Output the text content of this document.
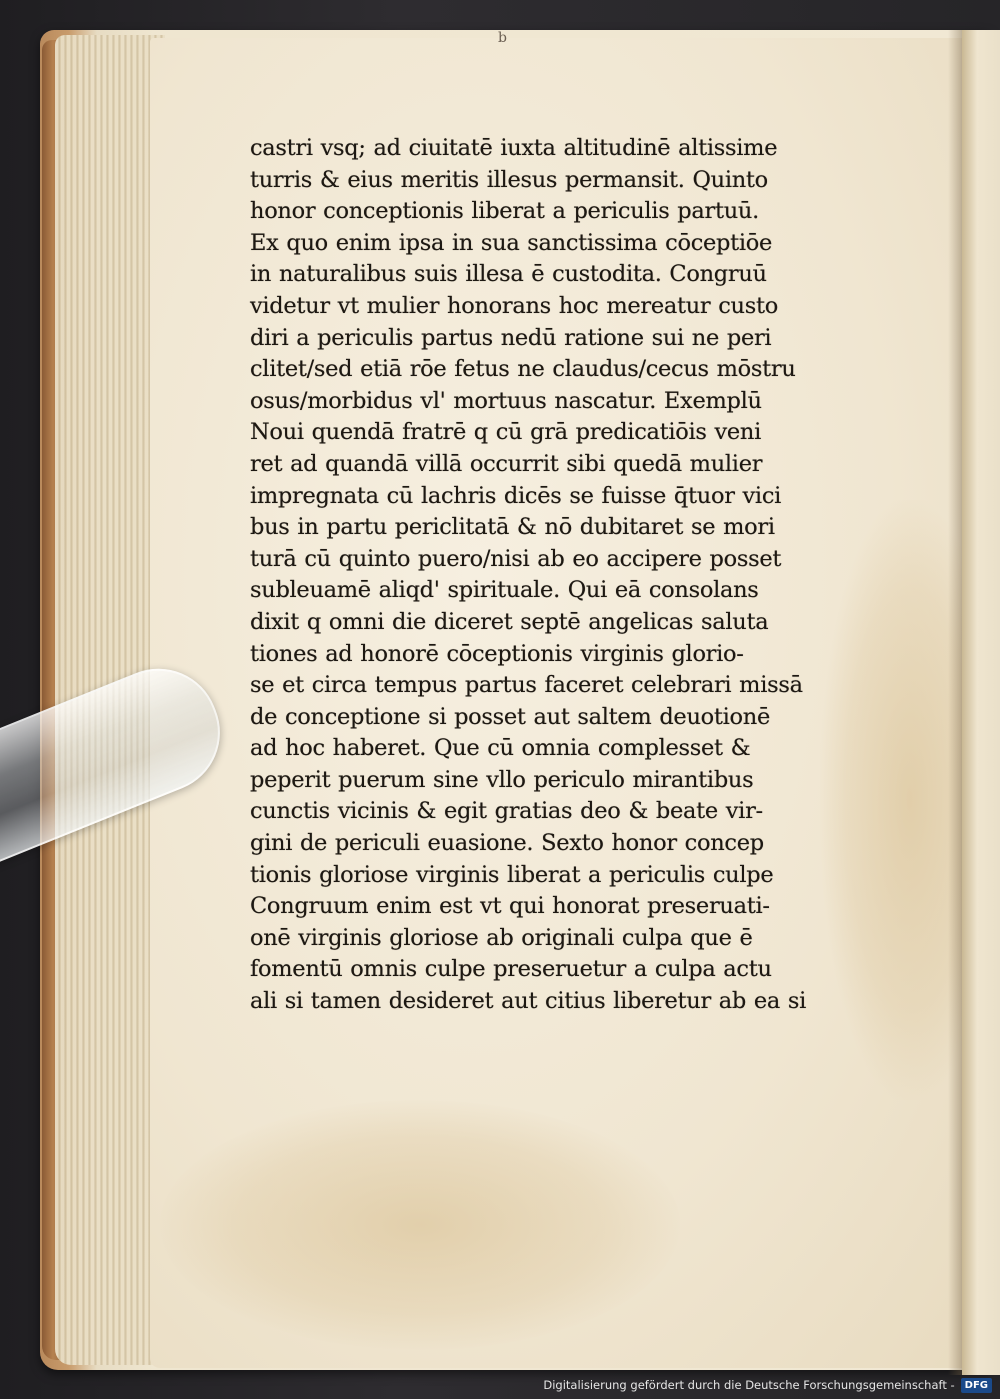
b
castri vsq; ad ciuitatē iuxta altitudinē altissime
turris & eius meritis illesus permansit. Quinto
honor conceptionis liberat a periculis partuū.
Ex quo enim ipsa in sua sanctissima cōceptiōe
in naturalibus suis illesa ē custodita. Congruū
videtur vt mulier honorans hoc mereatur custo
diri a periculis partus nedū ratione sui ne peri
clitet/sed etiā rōe fetus ne claudus/cecus mōstru
osus/morbidus vl' mortuus nascatur. Exemplū
Noui quendā fratrē q cū grā predicatiōis veni
ret ad quandā villā occurrit sibi quedā mulier
impregnata cū lachris dicēs se fuisse q̄tuor vici
bus in partu periclitatā & nō dubitaret se mori
turā cū quinto puero/nisi ab eo accipere posset
subleuamē aliqd' spirituale. Qui eā consolans
dixit q omni die diceret septē angelicas saluta
tiones ad honorē cōceptionis virginis glorio-
se et circa tempus partus faceret celebrari missā
de conceptione si posset aut saltem deuotionē
ad hoc haberet. Que cū omnia complesset &
peperit puerum sine vllo periculo mirantibus
cunctis vicinis & egit gratias deo & beate vir-
gini de periculi euasione. Sexto honor concep
tionis gloriose virginis liberat a periculis culpe
Congruum enim est vt qui honorat preseruati-
onē virginis gloriose ab originali culpa que ē
fomentū omnis culpe preseruetur a culpa actu
ali si tamen desideret aut citius liberetur ab ea si
Digitalisierung gefördert durch die Deutsche Forschungsgemeinschaft -	DFG
